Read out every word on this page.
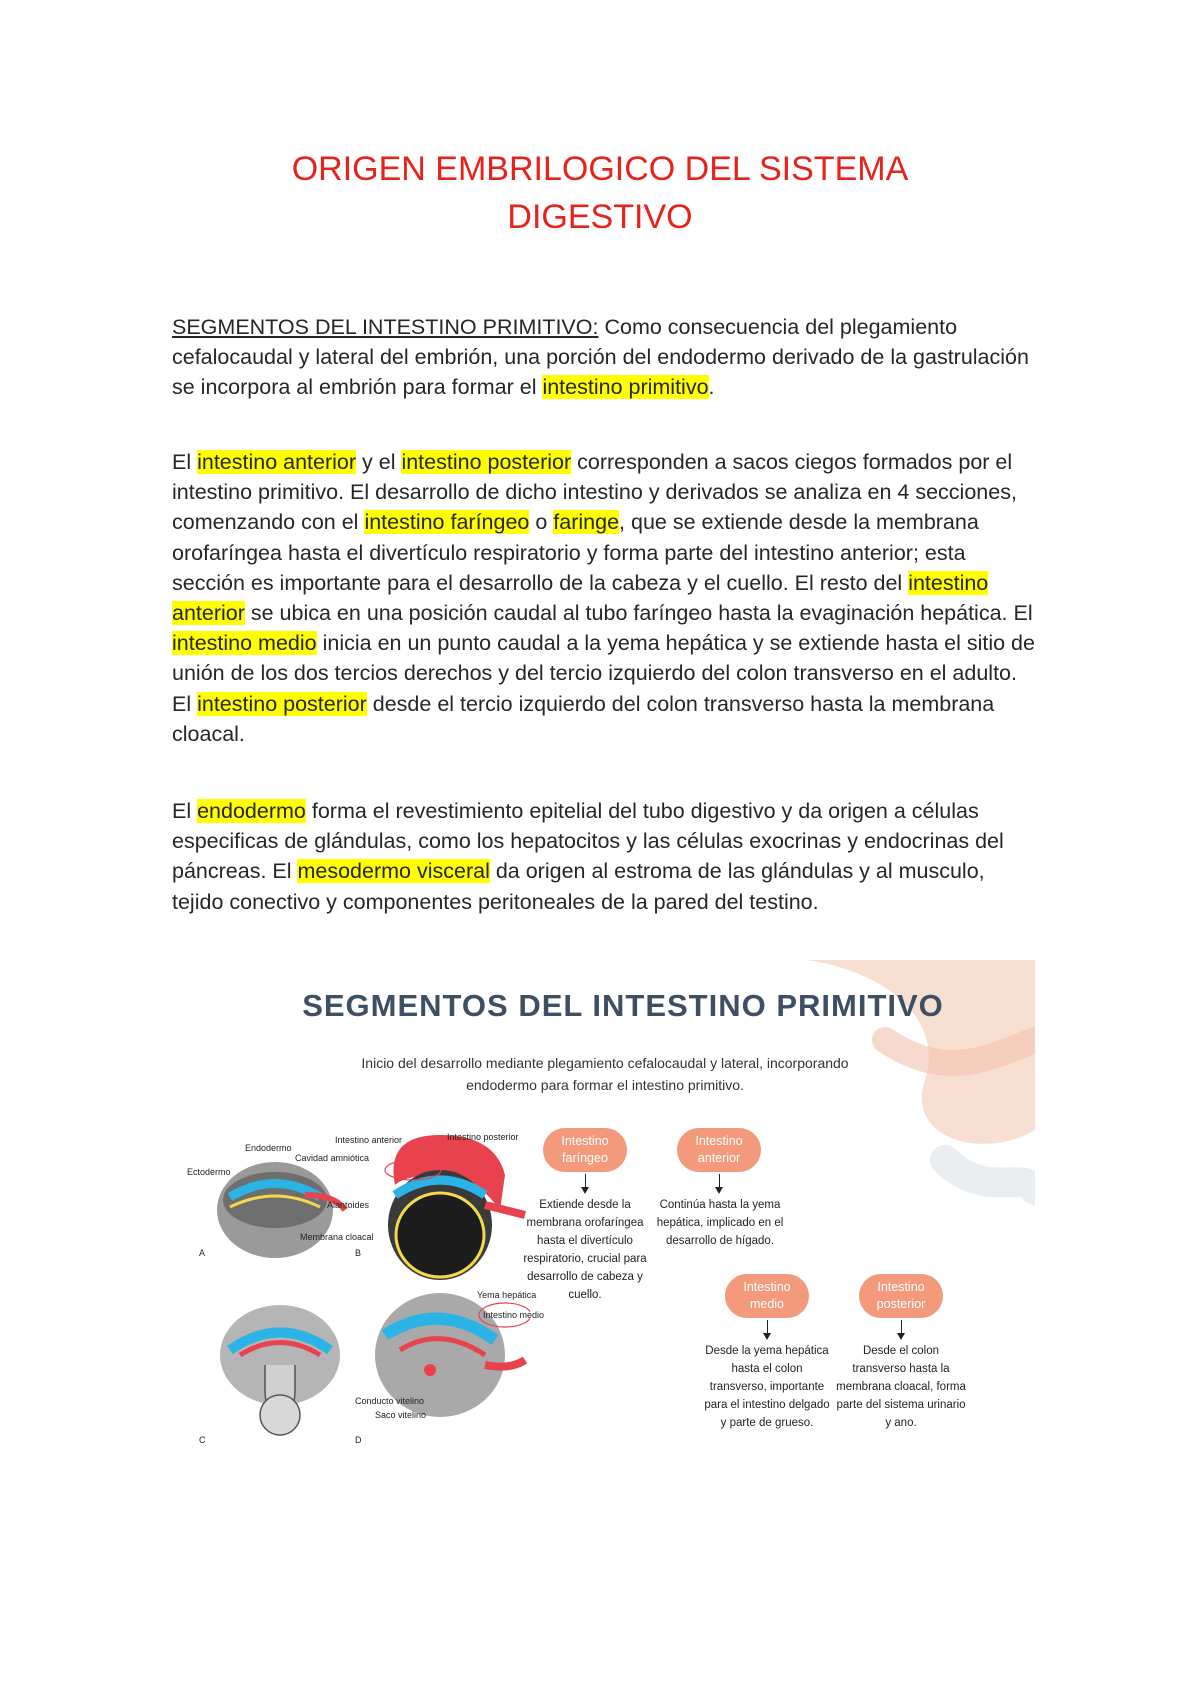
ORIGEN EMBRILOGICO DEL SISTEMA
DIGESTIVO
SEGMENTOS DEL INTESTINO PRIMITIVO: Como consecuencia del plegamiento cefalocaudal y lateral del embrión, una porción del endodermo derivado de la gastrulación se incorpora al embrión para formar el intestino primitivo.
El intestino anterior y el intestino posterior corresponden a sacos ciegos formados por el intestino primitivo. El desarrollo de dicho intestino y derivados se analiza en 4 secciones, comenzando con el intestino faríngeo o faringe, que se extiende desde la membrana orofaríngea hasta el divertículo respiratorio y forma parte del intestino anterior; esta sección es importante para el desarrollo de la cabeza y el cuello. El resto del intestino anterior se ubica en una posición caudal al tubo faríngeo hasta la evaginación hepática. El intestino medio inicia en un punto caudal a la yema hepática y se extiende hasta el sitio de unión de los dos tercios derechos y del tercio izquierdo del colon transverso en el adulto. El intestino posterior desde el tercio izquierdo del colon transverso hasta la membrana cloacal.
El endodermo forma el revestimiento epitelial del tubo digestivo y da origen a células especificas de glándulas, como los hepatocitos y las células exocrinas y endocrinas del páncreas. El mesodermo visceral da origen al estroma de las glándulas y al musculo, tejido conectivo y componentes peritoneales de la pared del testino.
SEGMENTOS DEL INTESTINO PRIMITIVO
Inicio del desarrollo mediante plegamiento cefalocaudal y lateral, incorporando
endodermo para formar el intestino primitivo.
A	B
C	D
Endodermo
Cavidad amniótica
Ectodermo
Alantoides
Membrana cloacal
Intestino anterior	Intestino posterior
Intestino medio
Yema hepática
Conducto vitelino
Saco vitelino
Intestino
faríngeo
Extiende desde la membrana orofaríngea hasta el divertículo respiratorio, crucial para desarrollo de cabeza y cuello.
Intestino
anterior
Continúa hasta la yema hepática, implicado en el desarrollo de hígado.
Intestino
medio
Desde la yema hepática hasta el colon transverso, importante para el intestino delgado y parte de grueso.
Intestino
posterior
Desde el colon transverso hasta la membrana cloacal, forma parte del sistema urinario y ano.
